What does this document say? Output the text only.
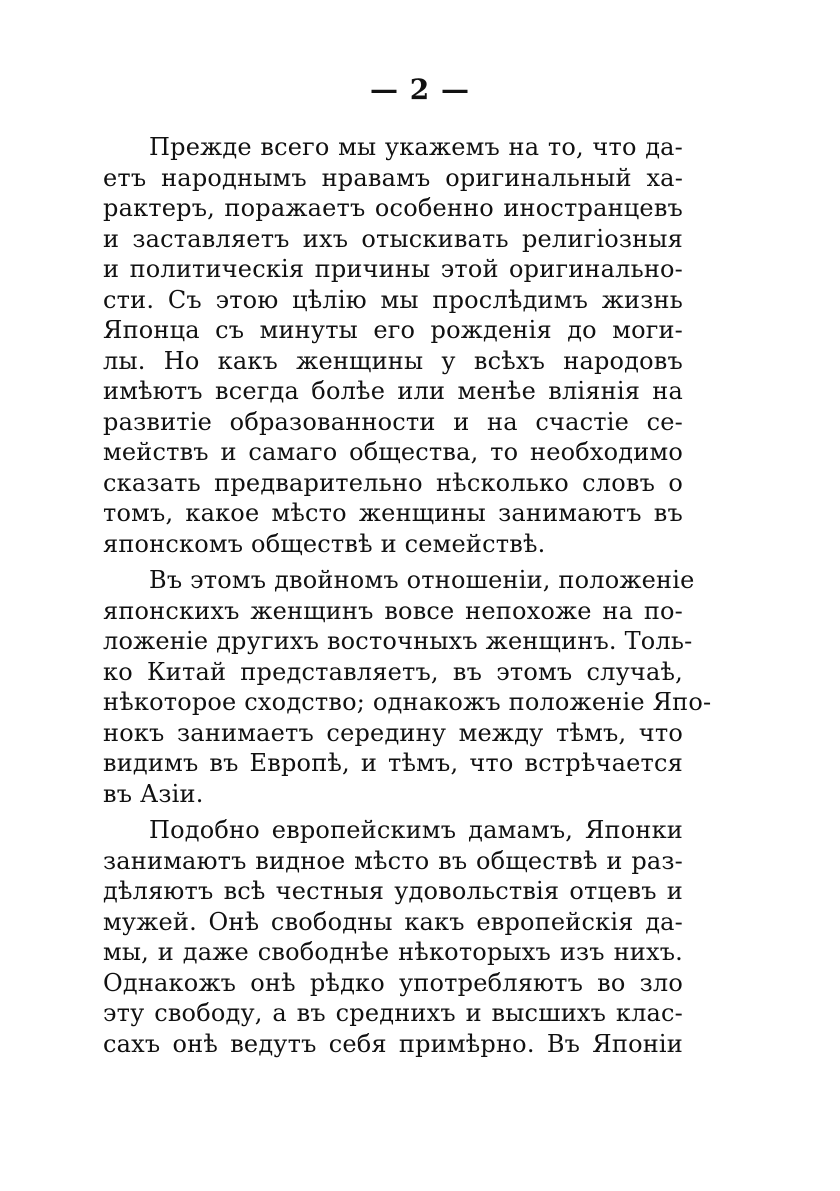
— 2 —
Прежде всего мы укажемъ на то, что да-
етъ народнымъ нравамъ оригинальный ха-
рактеръ, поражаетъ особенно иностранцевъ
и заставляетъ ихъ отыскивать религіозныя
и политическія причины этой оригинально-
сти. Съ этою цѣлію мы прослѣдимъ жизнь
Японца съ минуты его рожденія до моги-
лы. Но какъ женщины у всѣхъ народовъ
имѣютъ всегда болѣе или менѣе вліянія на
развитіе образованности и на счастіе се-
мействъ и самаго общества, то необходимо
сказать предварительно нѣсколько словъ о
томъ, какое мѣсто женщины занимаютъ въ
японскомъ обществѣ и семействѣ.
Въ этомъ двойномъ отношеніи, положеніе
японскихъ женщинъ вовсе непохоже на по-
ложеніе другихъ восточныхъ женщинъ. Толь-
ко Китай представляетъ, въ этомъ случаѣ,
нѣкоторое сходство; однакожъ положеніе Япо-
нокъ занимаетъ середину между тѣмъ, что
видимъ въ Европѣ, и тѣмъ, что встрѣчается
въ Азіи.
Подобно европейскимъ дамамъ, Японки
занимаютъ видное мѣсто въ обществѣ и раз-
дѣляютъ всѣ честныя удовольствія отцевъ и
мужей. Онѣ свободны какъ европейскія да-
мы, и даже свободнѣе нѣкоторыхъ изъ нихъ.
Однакожъ онѣ рѣдко употребляютъ во зло
эту свободу, а въ среднихъ и высшихъ клас-
сахъ онѣ ведутъ себя примѣрно. Въ Японіи
